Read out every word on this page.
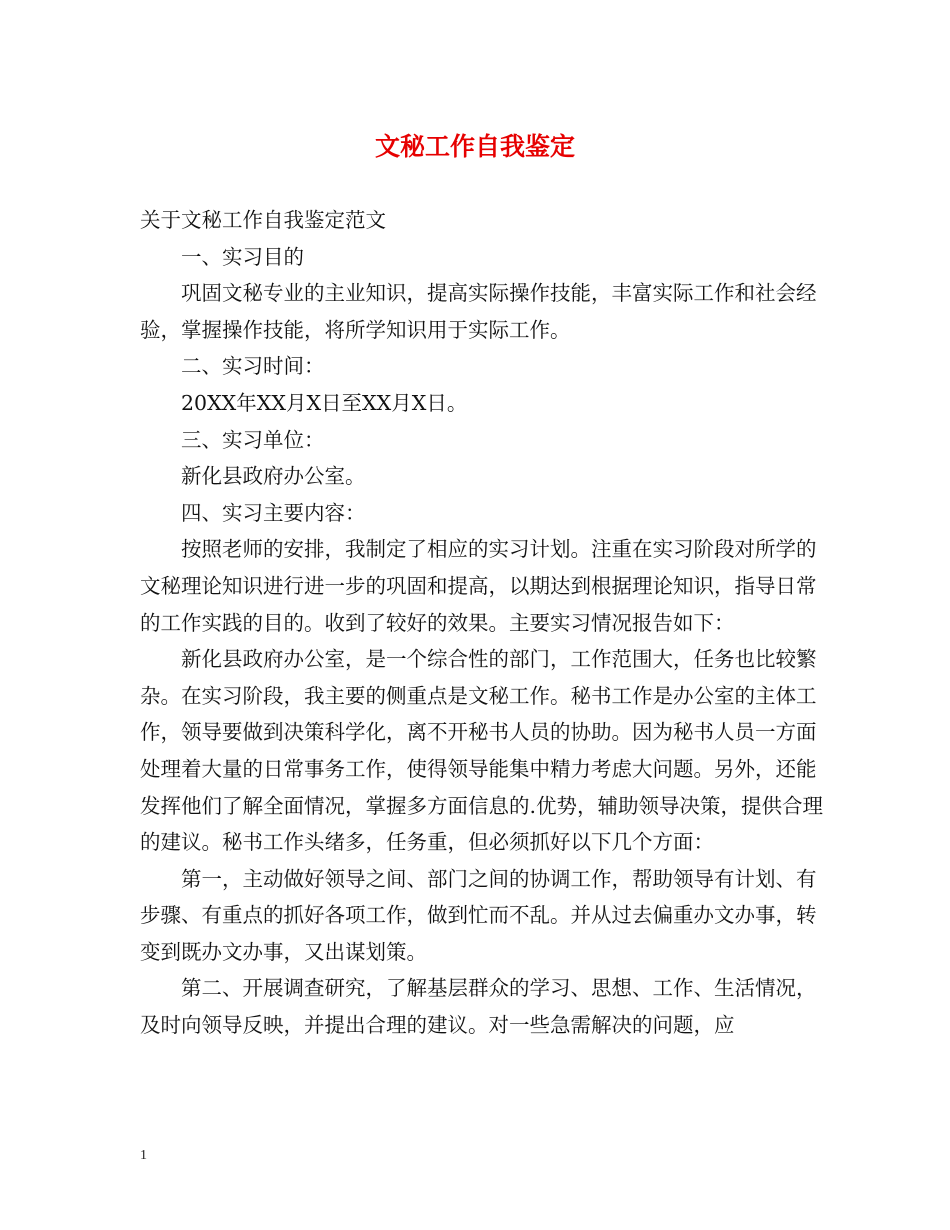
文秘工作自我鉴定

关于文秘工作自我鉴定范文

一、实习目的

巩固文秘专业的主业知识，提高实际操作技能，丰富实际工作和社会经验，掌握操作技能，将所学知识用于实际工作。

二、实习时间：

20XX年XX月X日至XX月X日。

三、实习单位：

新化县政府办公室。

四、实习主要内容：

按照老师的安排，我制定了相应的实习计划。注重在实习阶段对所学的文秘理论知识进行进一步的巩固和提高，以期达到根据理论知识，指导日常的工作实践的目的。收到了较好的效果。主要实习情况报告如下：

新化县政府办公室，是一个综合性的部门，工作范围大，任务也比较繁杂。在实习阶段，我主要的侧重点是文秘工作。秘书工作是办公室的主体工作，领导要做到决策科学化，离不开秘书人员的协助。因为秘书人员一方面处理着大量的日常事务工作，使得领导能集中精力考虑大问题。另外，还能发挥他们了解全面情况，掌握多方面信息的.优势，辅助领导决策，提供合理的建议。秘书工作头绪多，任务重，但必须抓好以下几个方面：

第一，主动做好领导之间、部门之间的协调工作，帮助领导有计划、有步骤、有重点的抓好各项工作，做到忙而不乱。并从过去偏重办文办事，转变到既办文办事，又出谋划策。

第二、开展调查研究，了解基层群众的学习、思想、工作、生活情况，及时向领导反映，并提出合理的建议。对一些急需解决的问题，应

1
